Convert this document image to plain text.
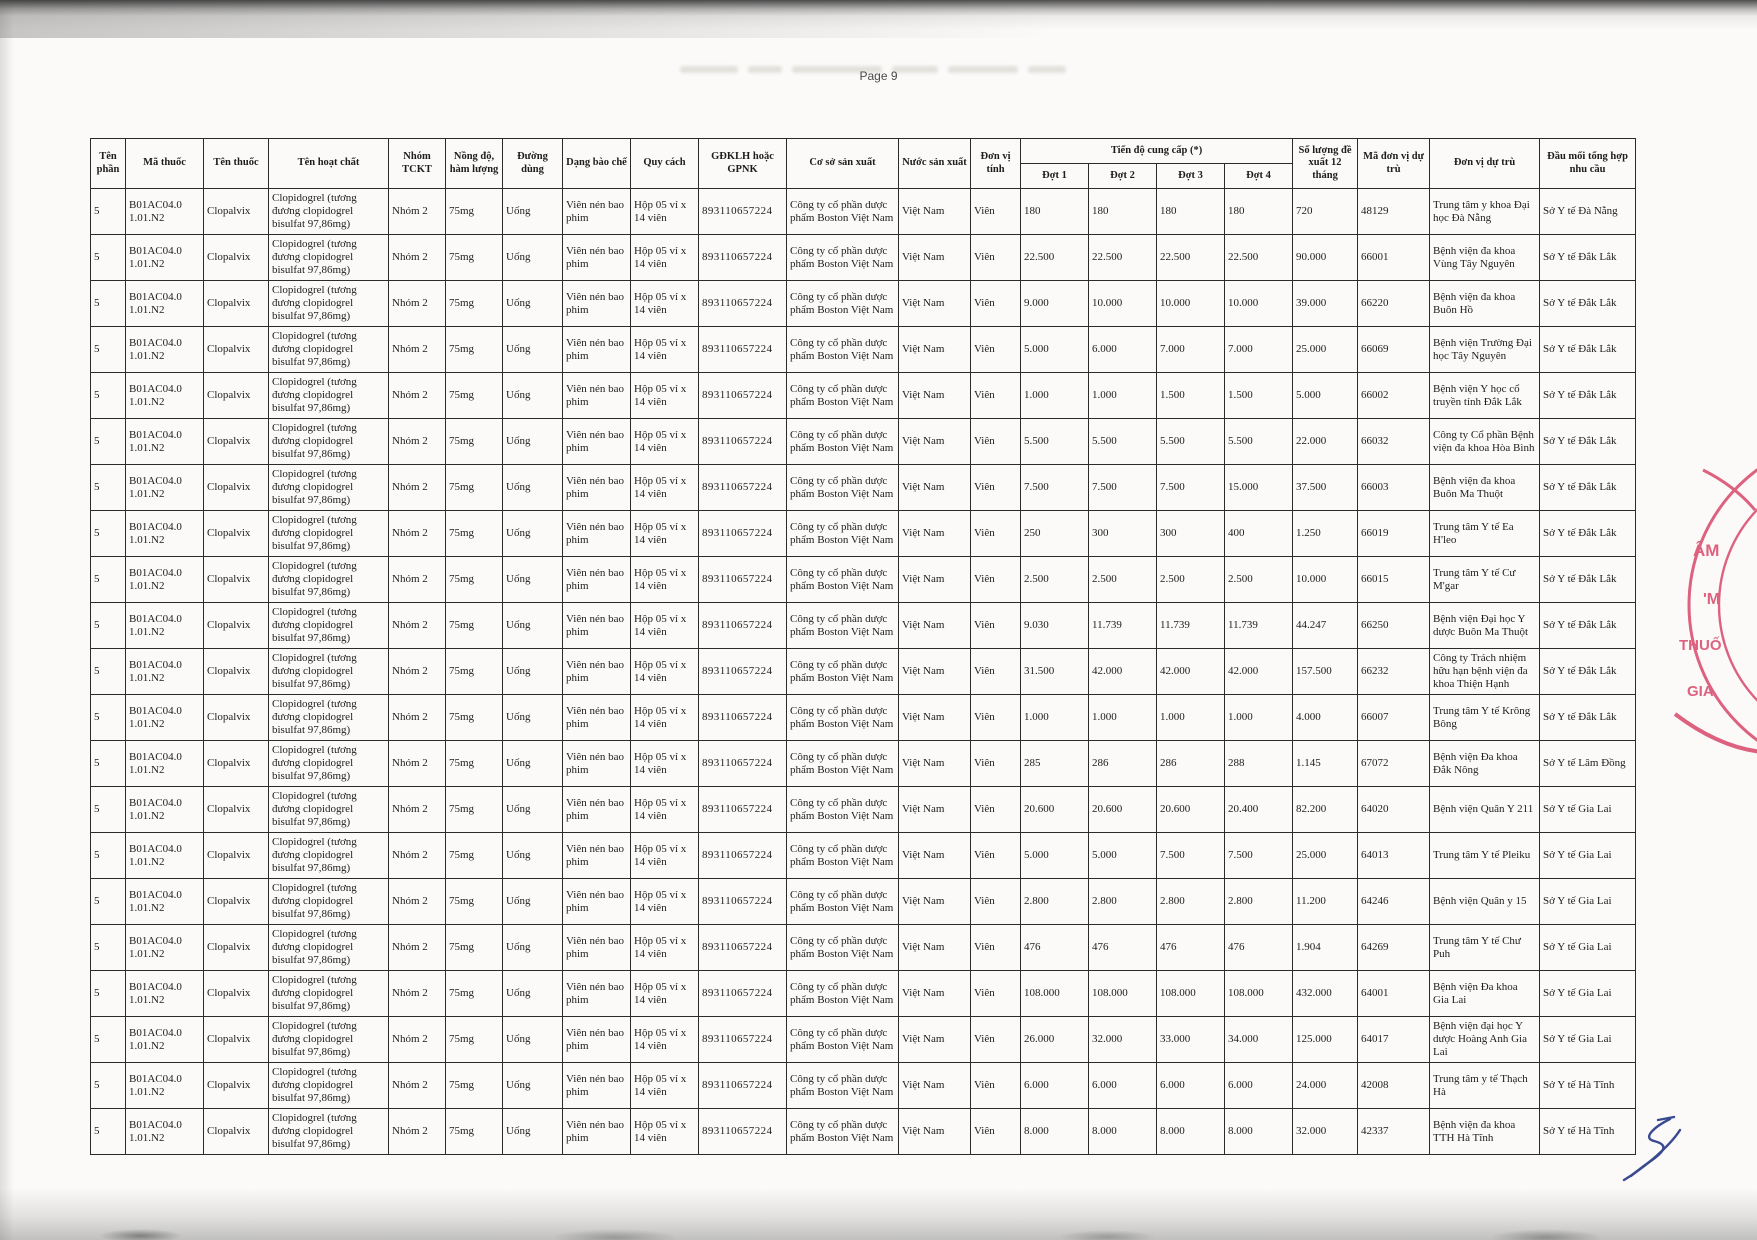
Page 9
Tên phần	Mã thuốc	Tên thuốc	Tên hoạt chất	Nhóm TCKT	Nồng độ, hàm lượng	Đường dùng	Dạng bào chế	Quy cách	GĐKLH hoặc GPNK	Cơ sở sản xuất	Nước sản xuất	Đơn vị tính	Tiến độ cung cấp (*)				Số lượng đề xuất 12 tháng	Mã đơn vị dự trù	Đơn vị dự trù	Đầu mối tổng hợp nhu cầu
													Đợt 1	Đợt 2	Đợt 3	Đợt 4				
5	B01AC04.0 1.01.N2	Clopalvix	Clopidogrel (tương đương clopidogrel bisulfat 97,86mg)	Nhóm 2	75mg	Uống	Viên nén bao phim	Hộp 05 vỉ x 14 viên	893110657224	Công ty cổ phần dược phẩm Boston Việt Nam	Việt Nam	Viên	180	180	180	180	720	48129	Trung tâm y khoa Đại học Đà Nẵng	Sở Y tế Đà Nẵng
5	B01AC04.0 1.01.N2	Clopalvix	Clopidogrel (tương đương clopidogrel bisulfat 97,86mg)	Nhóm 2	75mg	Uống	Viên nén bao phim	Hộp 05 vỉ x 14 viên	893110657224	Công ty cổ phần dược phẩm Boston Việt Nam	Việt Nam	Viên	22.500	22.500	22.500	22.500	90.000	66001	Bệnh viện đa khoa Vùng Tây Nguyên	Sở Y tế Đắk Lắk
5	B01AC04.0 1.01.N2	Clopalvix	Clopidogrel (tương đương clopidogrel bisulfat 97,86mg)	Nhóm 2	75mg	Uống	Viên nén bao phim	Hộp 05 vỉ x 14 viên	893110657224	Công ty cổ phần dược phẩm Boston Việt Nam	Việt Nam	Viên	9.000	10.000	10.000	10.000	39.000	66220	Bệnh viện đa khoa Buôn Hồ	Sở Y tế Đắk Lắk
5	B01AC04.0 1.01.N2	Clopalvix	Clopidogrel (tương đương clopidogrel bisulfat 97,86mg)	Nhóm 2	75mg	Uống	Viên nén bao phim	Hộp 05 vỉ x 14 viên	893110657224	Công ty cổ phần dược phẩm Boston Việt Nam	Việt Nam	Viên	5.000	6.000	7.000	7.000	25.000	66069	Bệnh viện Trường Đại học Tây Nguyên	Sở Y tế Đắk Lắk
5	B01AC04.0 1.01.N2	Clopalvix	Clopidogrel (tương đương clopidogrel bisulfat 97,86mg)	Nhóm 2	75mg	Uống	Viên nén bao phim	Hộp 05 vỉ x 14 viên	893110657224	Công ty cổ phần dược phẩm Boston Việt Nam	Việt Nam	Viên	1.000	1.000	1.500	1.500	5.000	66002	Bệnh viện Y học cổ truyền tỉnh Đắk Lắk	Sở Y tế Đắk Lắk
5	B01AC04.0 1.01.N2	Clopalvix	Clopidogrel (tương đương clopidogrel bisulfat 97,86mg)	Nhóm 2	75mg	Uống	Viên nén bao phim	Hộp 05 vỉ x 14 viên	893110657224	Công ty cổ phần dược phẩm Boston Việt Nam	Việt Nam	Viên	5.500	5.500	5.500	5.500	22.000	66032	Công ty Cổ phần Bệnh viện đa khoa Hòa Bình	Sở Y tế Đắk Lắk
5	B01AC04.0 1.01.N2	Clopalvix	Clopidogrel (tương đương clopidogrel bisulfat 97,86mg)	Nhóm 2	75mg	Uống	Viên nén bao phim	Hộp 05 vỉ x 14 viên	893110657224	Công ty cổ phần dược phẩm Boston Việt Nam	Việt Nam	Viên	7.500	7.500	7.500	15.000	37.500	66003	Bệnh viện đa khoa Buôn Ma Thuột	Sở Y tế Đắk Lắk
5	B01AC04.0 1.01.N2	Clopalvix	Clopidogrel (tương đương clopidogrel bisulfat 97,86mg)	Nhóm 2	75mg	Uống	Viên nén bao phim	Hộp 05 vỉ x 14 viên	893110657224	Công ty cổ phần dược phẩm Boston Việt Nam	Việt Nam	Viên	250	300	300	400	1.250	66019	Trung tâm Y tế Ea H'leo	Sở Y tế Đắk Lắk
5	B01AC04.0 1.01.N2	Clopalvix	Clopidogrel (tương đương clopidogrel bisulfat 97,86mg)	Nhóm 2	75mg	Uống	Viên nén bao phim	Hộp 05 vỉ x 14 viên	893110657224	Công ty cổ phần dược phẩm Boston Việt Nam	Việt Nam	Viên	2.500	2.500	2.500	2.500	10.000	66015	Trung tâm Y tế Cư M'gar	Sở Y tế Đắk Lắk
5	B01AC04.0 1.01.N2	Clopalvix	Clopidogrel (tương đương clopidogrel bisulfat 97,86mg)	Nhóm 2	75mg	Uống	Viên nén bao phim	Hộp 05 vỉ x 14 viên	893110657224	Công ty cổ phần dược phẩm Boston Việt Nam	Việt Nam	Viên	9.030	11.739	11.739	11.739	44.247	66250	Bệnh viện Đại học Y dược Buôn Ma Thuột	Sở Y tế Đắk Lắk
5	B01AC04.0 1.01.N2	Clopalvix	Clopidogrel (tương đương clopidogrel bisulfat 97,86mg)	Nhóm 2	75mg	Uống	Viên nén bao phim	Hộp 05 vỉ x 14 viên	893110657224	Công ty cổ phần dược phẩm Boston Việt Nam	Việt Nam	Viên	31.500	42.000	42.000	42.000	157.500	66232	Công ty Trách nhiệm hữu hạn bệnh viện đa khoa Thiện Hạnh	Sở Y tế Đắk Lắk
5	B01AC04.0 1.01.N2	Clopalvix	Clopidogrel (tương đương clopidogrel bisulfat 97,86mg)	Nhóm 2	75mg	Uống	Viên nén bao phim	Hộp 05 vỉ x 14 viên	893110657224	Công ty cổ phần dược phẩm Boston Việt Nam	Việt Nam	Viên	1.000	1.000	1.000	1.000	4.000	66007	Trung tâm Y tế Krông Bông	Sở Y tế Đắk Lắk
5	B01AC04.0 1.01.N2	Clopalvix	Clopidogrel (tương đương clopidogrel bisulfat 97,86mg)	Nhóm 2	75mg	Uống	Viên nén bao phim	Hộp 05 vỉ x 14 viên	893110657224	Công ty cổ phần dược phẩm Boston Việt Nam	Việt Nam	Viên	285	286	286	288	1.145	67072	Bệnh viện Đa khoa Đắk Nông	Sở Y tế Lâm Đồng
5	B01AC04.0 1.01.N2	Clopalvix	Clopidogrel (tương đương clopidogrel bisulfat 97,86mg)	Nhóm 2	75mg	Uống	Viên nén bao phim	Hộp 05 vỉ x 14 viên	893110657224	Công ty cổ phần dược phẩm Boston Việt Nam	Việt Nam	Viên	20.600	20.600	20.600	20.400	82.200	64020	Bệnh viện Quân Y 211	Sở Y tế Gia Lai
5	B01AC04.0 1.01.N2	Clopalvix	Clopidogrel (tương đương clopidogrel bisulfat 97,86mg)	Nhóm 2	75mg	Uống	Viên nén bao phim	Hộp 05 vỉ x 14 viên	893110657224	Công ty cổ phần dược phẩm Boston Việt Nam	Việt Nam	Viên	5.000	5.000	7.500	7.500	25.000	64013	Trung tâm Y tế Pleiku	Sở Y tế Gia Lai
5	B01AC04.0 1.01.N2	Clopalvix	Clopidogrel (tương đương clopidogrel bisulfat 97,86mg)	Nhóm 2	75mg	Uống	Viên nén bao phim	Hộp 05 vỉ x 14 viên	893110657224	Công ty cổ phần dược phẩm Boston Việt Nam	Việt Nam	Viên	2.800	2.800	2.800	2.800	11.200	64246	Bệnh viện Quân y 15	Sở Y tế Gia Lai
5	B01AC04.0 1.01.N2	Clopalvix	Clopidogrel (tương đương clopidogrel bisulfat 97,86mg)	Nhóm 2	75mg	Uống	Viên nén bao phim	Hộp 05 vỉ x 14 viên	893110657224	Công ty cổ phần dược phẩm Boston Việt Nam	Việt Nam	Viên	476	476	476	476	1.904	64269	Trung tâm Y tế Chư Puh	Sở Y tế Gia Lai
5	B01AC04.0 1.01.N2	Clopalvix	Clopidogrel (tương đương clopidogrel bisulfat 97,86mg)	Nhóm 2	75mg	Uống	Viên nén bao phim	Hộp 05 vỉ x 14 viên	893110657224	Công ty cổ phần dược phẩm Boston Việt Nam	Việt Nam	Viên	108.000	108.000	108.000	108.000	432.000	64001	Bệnh viện Đa khoa Gia Lai	Sở Y tế Gia Lai
5	B01AC04.0 1.01.N2	Clopalvix	Clopidogrel (tương đương clopidogrel bisulfat 97,86mg)	Nhóm 2	75mg	Uống	Viên nén bao phim	Hộp 05 vỉ x 14 viên	893110657224	Công ty cổ phần dược phẩm Boston Việt Nam	Việt Nam	Viên	26.000	32.000	33.000	34.000	125.000	64017	Bệnh viện đại học Y dược Hoàng Anh Gia Lai	Sở Y tế Gia Lai
5	B01AC04.0 1.01.N2	Clopalvix	Clopidogrel (tương đương clopidogrel bisulfat 97,86mg)	Nhóm 2	75mg	Uống	Viên nén bao phim	Hộp 05 vỉ x 14 viên	893110657224	Công ty cổ phần dược phẩm Boston Việt Nam	Việt Nam	Viên	6.000	6.000	6.000	6.000	24.000	42008	Trung tâm y tế Thạch Hà	Sở Y tế Hà Tĩnh
5	B01AC04.0 1.01.N2	Clopalvix	Clopidogrel (tương đương clopidogrel bisulfat 97,86mg)	Nhóm 2	75mg	Uống	Viên nén bao phim	Hộp 05 vỉ x 14 viên	893110657224	Công ty cổ phần dược phẩm Boston Việt Nam	Việt Nam	Viên	8.000	8.000	8.000	8.000	32.000	42337	Bệnh viện đa khoa TTH Hà Tĩnh	Sở Y tế Hà Tĩnh
ÂM
'M
THUỐ
GIA
